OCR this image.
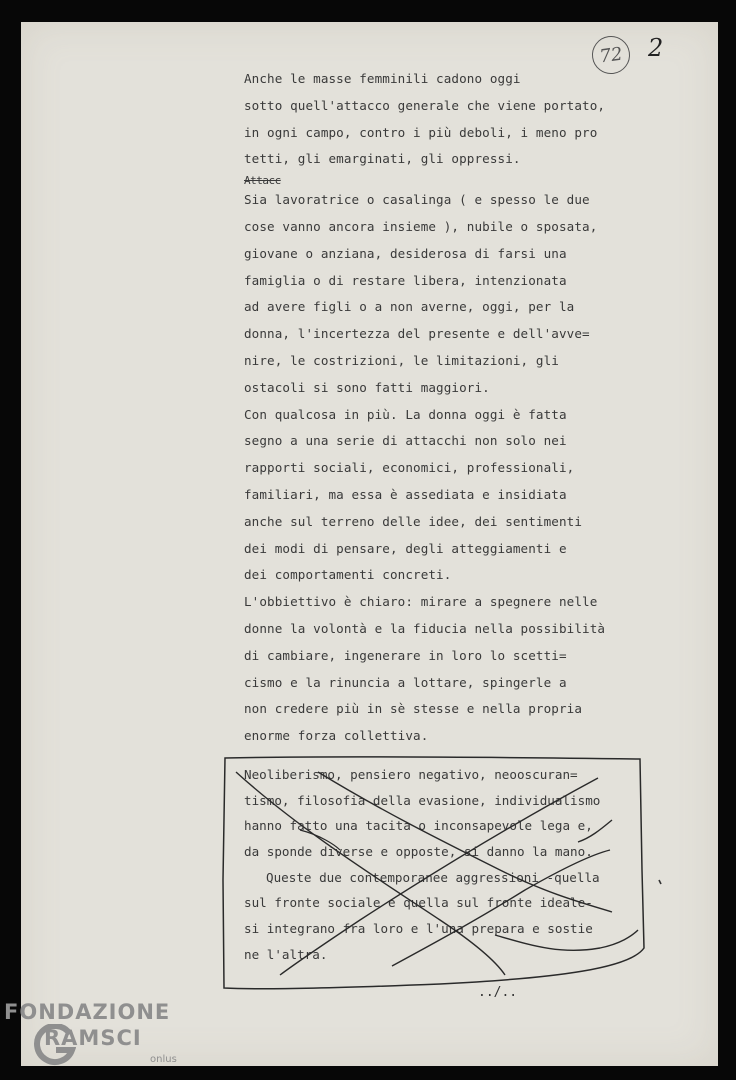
72	2
Anche le masse femminili cadono oggi
sotto quell'attacco generale che viene portato,
in ogni campo, contro i più deboli, i meno pro
tetti, gli emarginati, gli oppressi.
Attacc
Sia lavoratrice o casalinga ( e spesso le due
cose vanno ancora insieme ), nubile o sposata,
giovane o anziana, desiderosa di farsi una
famiglia o di restare libera, intenzionata
ad avere figli o a non averne, oggi, per la
donna, l'incertezza del presente e dell'avve=
nire, le costrizioni, le limitazioni, gli
ostacoli si sono fatti maggiori.
Con qualcosa in più. La donna oggi è fatta
segno a una serie di attacchi non solo nei
rapporti sociali, economici, professionali,
familiari, ma essa è assediata e insidiata
anche sul terreno delle idee, dei sentimenti
dei modi di pensare, degli atteggiamenti e
dei comportamenti concreti.
L'obbiettivo è chiaro: mirare a spegnere nelle
donne la volontà e la fiducia nella possibilità
di cambiare, ingenerare in loro lo scetti=
cismo e la rinuncia a lottare, spingerle a
non credere più in sè stesse e nella propria
enorme forza collettiva.
Neoliberismo, pensiero negativo, neooscuran=
tismo, filosofia della evasione, individualismo
hanno fatto una tacita o inconsapevole lega e,
da sponde diverse e opposte, si danno la mano.
Queste due contemporanee aggressioni -quella
sul fronte sociale e quella sul fronte ideale-
si integrano fra loro e l'una prepara e sostie
ne l'altra.
../..
FONDAZIONE
RAMSCI
onlus
